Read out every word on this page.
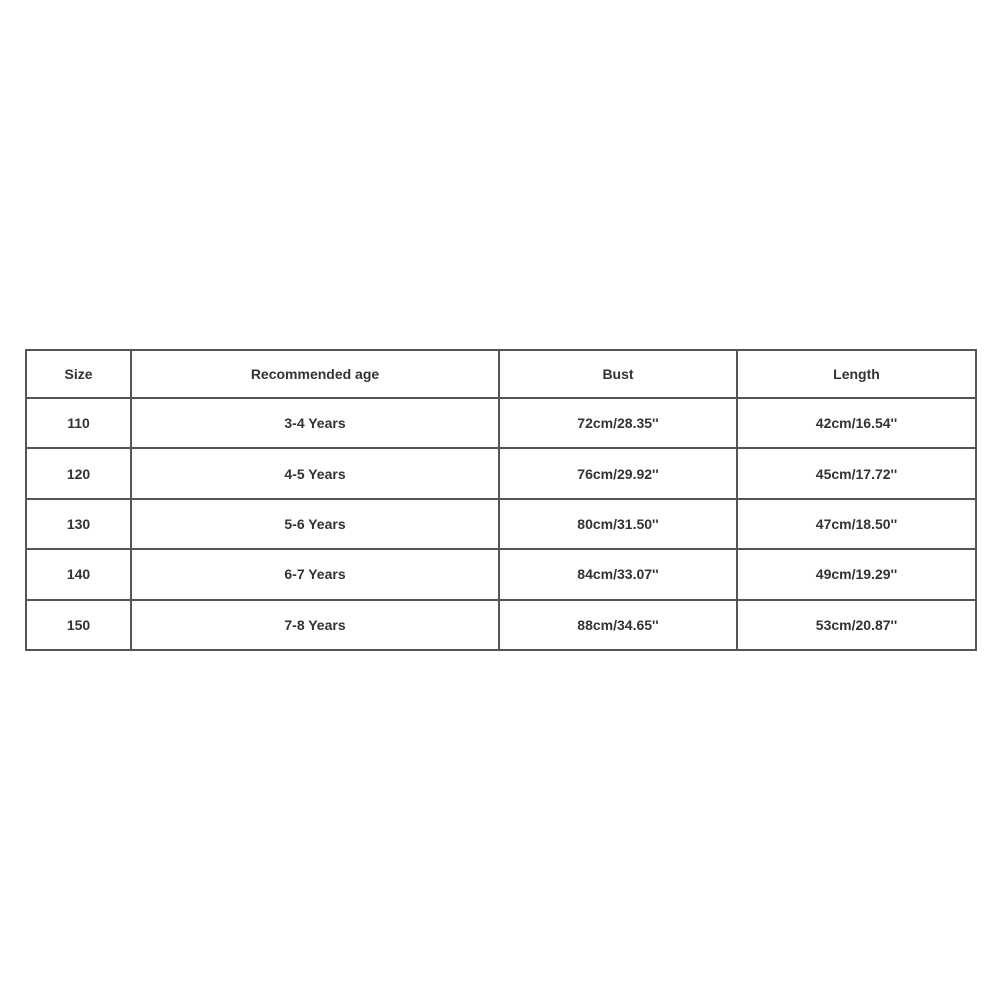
Size	Recommended age	Bust	Length
110	3-4 Years	72cm/28.35''	42cm/16.54''
120	4-5 Years	76cm/29.92''	45cm/17.72''
130	5-6 Years	80cm/31.50''	47cm/18.50''
140	6-7 Years	84cm/33.07''	49cm/19.29''
150	7-8 Years	88cm/34.65''	53cm/20.87''
